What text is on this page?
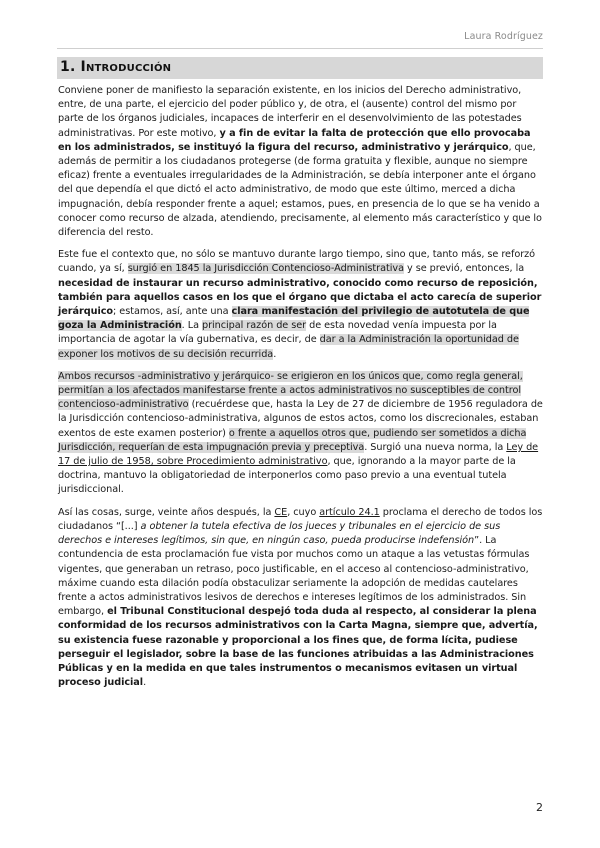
Laura Rodríguez
1. Introducción

Conviene poner de manifiesto la separación existente, en los inicios del Derecho administrativo, entre, de una parte, el ejercicio del poder público y, de otra, el (ausente) control del mismo por parte de los órganos judiciales, incapaces de interferir en el desenvolvimiento de las potestades administrativas. Por este motivo, y a fin de evitar la falta de protección que ello provocaba en los administrados, se instituyó la figura del recurso, administrativo y jerárquico, que, además de permitir a los ciudadanos protegerse (de forma gratuita y flexible, aunque no siempre eficaz) frente a eventuales irregularidades de la Administración, se debía interponer ante el órgano del que dependía el que dictó el acto administrativo, de modo que este último, merced a dicha impugnación, debía responder frente a aquel; estamos, pues, en presencia de lo que se ha venido a conocer como recurso de alzada, atendiendo, precisamente, al elemento más característico y que lo diferencia del resto.

Este fue el contexto que, no sólo se mantuvo durante largo tiempo, sino que, tanto más, se reforzó cuando, ya sí, surgió en 1845 la Jurisdicción Contencioso-Administrativa y se previó, entonces, la necesidad de instaurar un recurso administrativo, conocido como recurso de reposición, también para aquellos casos en los que el órgano que dictaba el acto carecía de superior jerárquico; estamos, así, ante una clara manifestación del privilegio de autotutela de que goza la Administración. La principal razón de ser de esta novedad venía impuesta por la importancia de agotar la vía gubernativa, es decir, de dar a la Administración la oportunidad de exponer los motivos de su decisión recurrida.

Ambos recursos -administrativo y jerárquico- se erigieron en los únicos que, como regla general, permitían a los afectados manifestarse frente a actos administrativos no susceptibles de control contencioso-administrativo (recuérdese que, hasta la Ley de 27 de diciembre de 1956 reguladora de la Jurisdicción contencioso-administrativa, algunos de estos actos, como los discrecionales, estaban exentos de este examen posterior) o frente a aquellos otros que, pudiendo ser sometidos a dicha Jurisdicción, requerían de esta impugnación previa y preceptiva. Surgió una nueva norma, la Ley de 17 de julio de 1958, sobre Procedimiento administrativo, que, ignorando a la mayor parte de la doctrina, mantuvo la obligatoriedad de interponerlos como paso previo a una eventual tutela jurisdiccional.

Así las cosas, surge, veinte años después, la CE, cuyo artículo 24.1 proclama el derecho de todos los ciudadanos “[...] a obtener la tutela efectiva de los jueces y tribunales en el ejercicio de sus derechos e intereses legítimos, sin que, en ningún caso, pueda producirse indefensión”. La contundencia de esta proclamación fue vista por muchos como un ataque a las vetustas fórmulas vigentes, que generaban un retraso, poco justificable, en el acceso al contencioso-administrativo, máxime cuando esta dilación podía obstaculizar seriamente la adopción de medidas cautelares frente a actos administrativos lesivos de derechos e intereses legítimos de los administrados. Sin embargo, el Tribunal Constitucional despejó toda duda al respecto, al considerar la plena conformidad de los recursos administrativos con la Carta Magna, siempre que, advertía, su existencia fuese razonable y proporcional a los fines que, de forma lícita, pudiese perseguir el legislador, sobre la base de las funciones atribuidas a las Administraciones Públicas y en la medida en que tales instrumentos o mecanismos evitasen un virtual proceso judicial.

2
